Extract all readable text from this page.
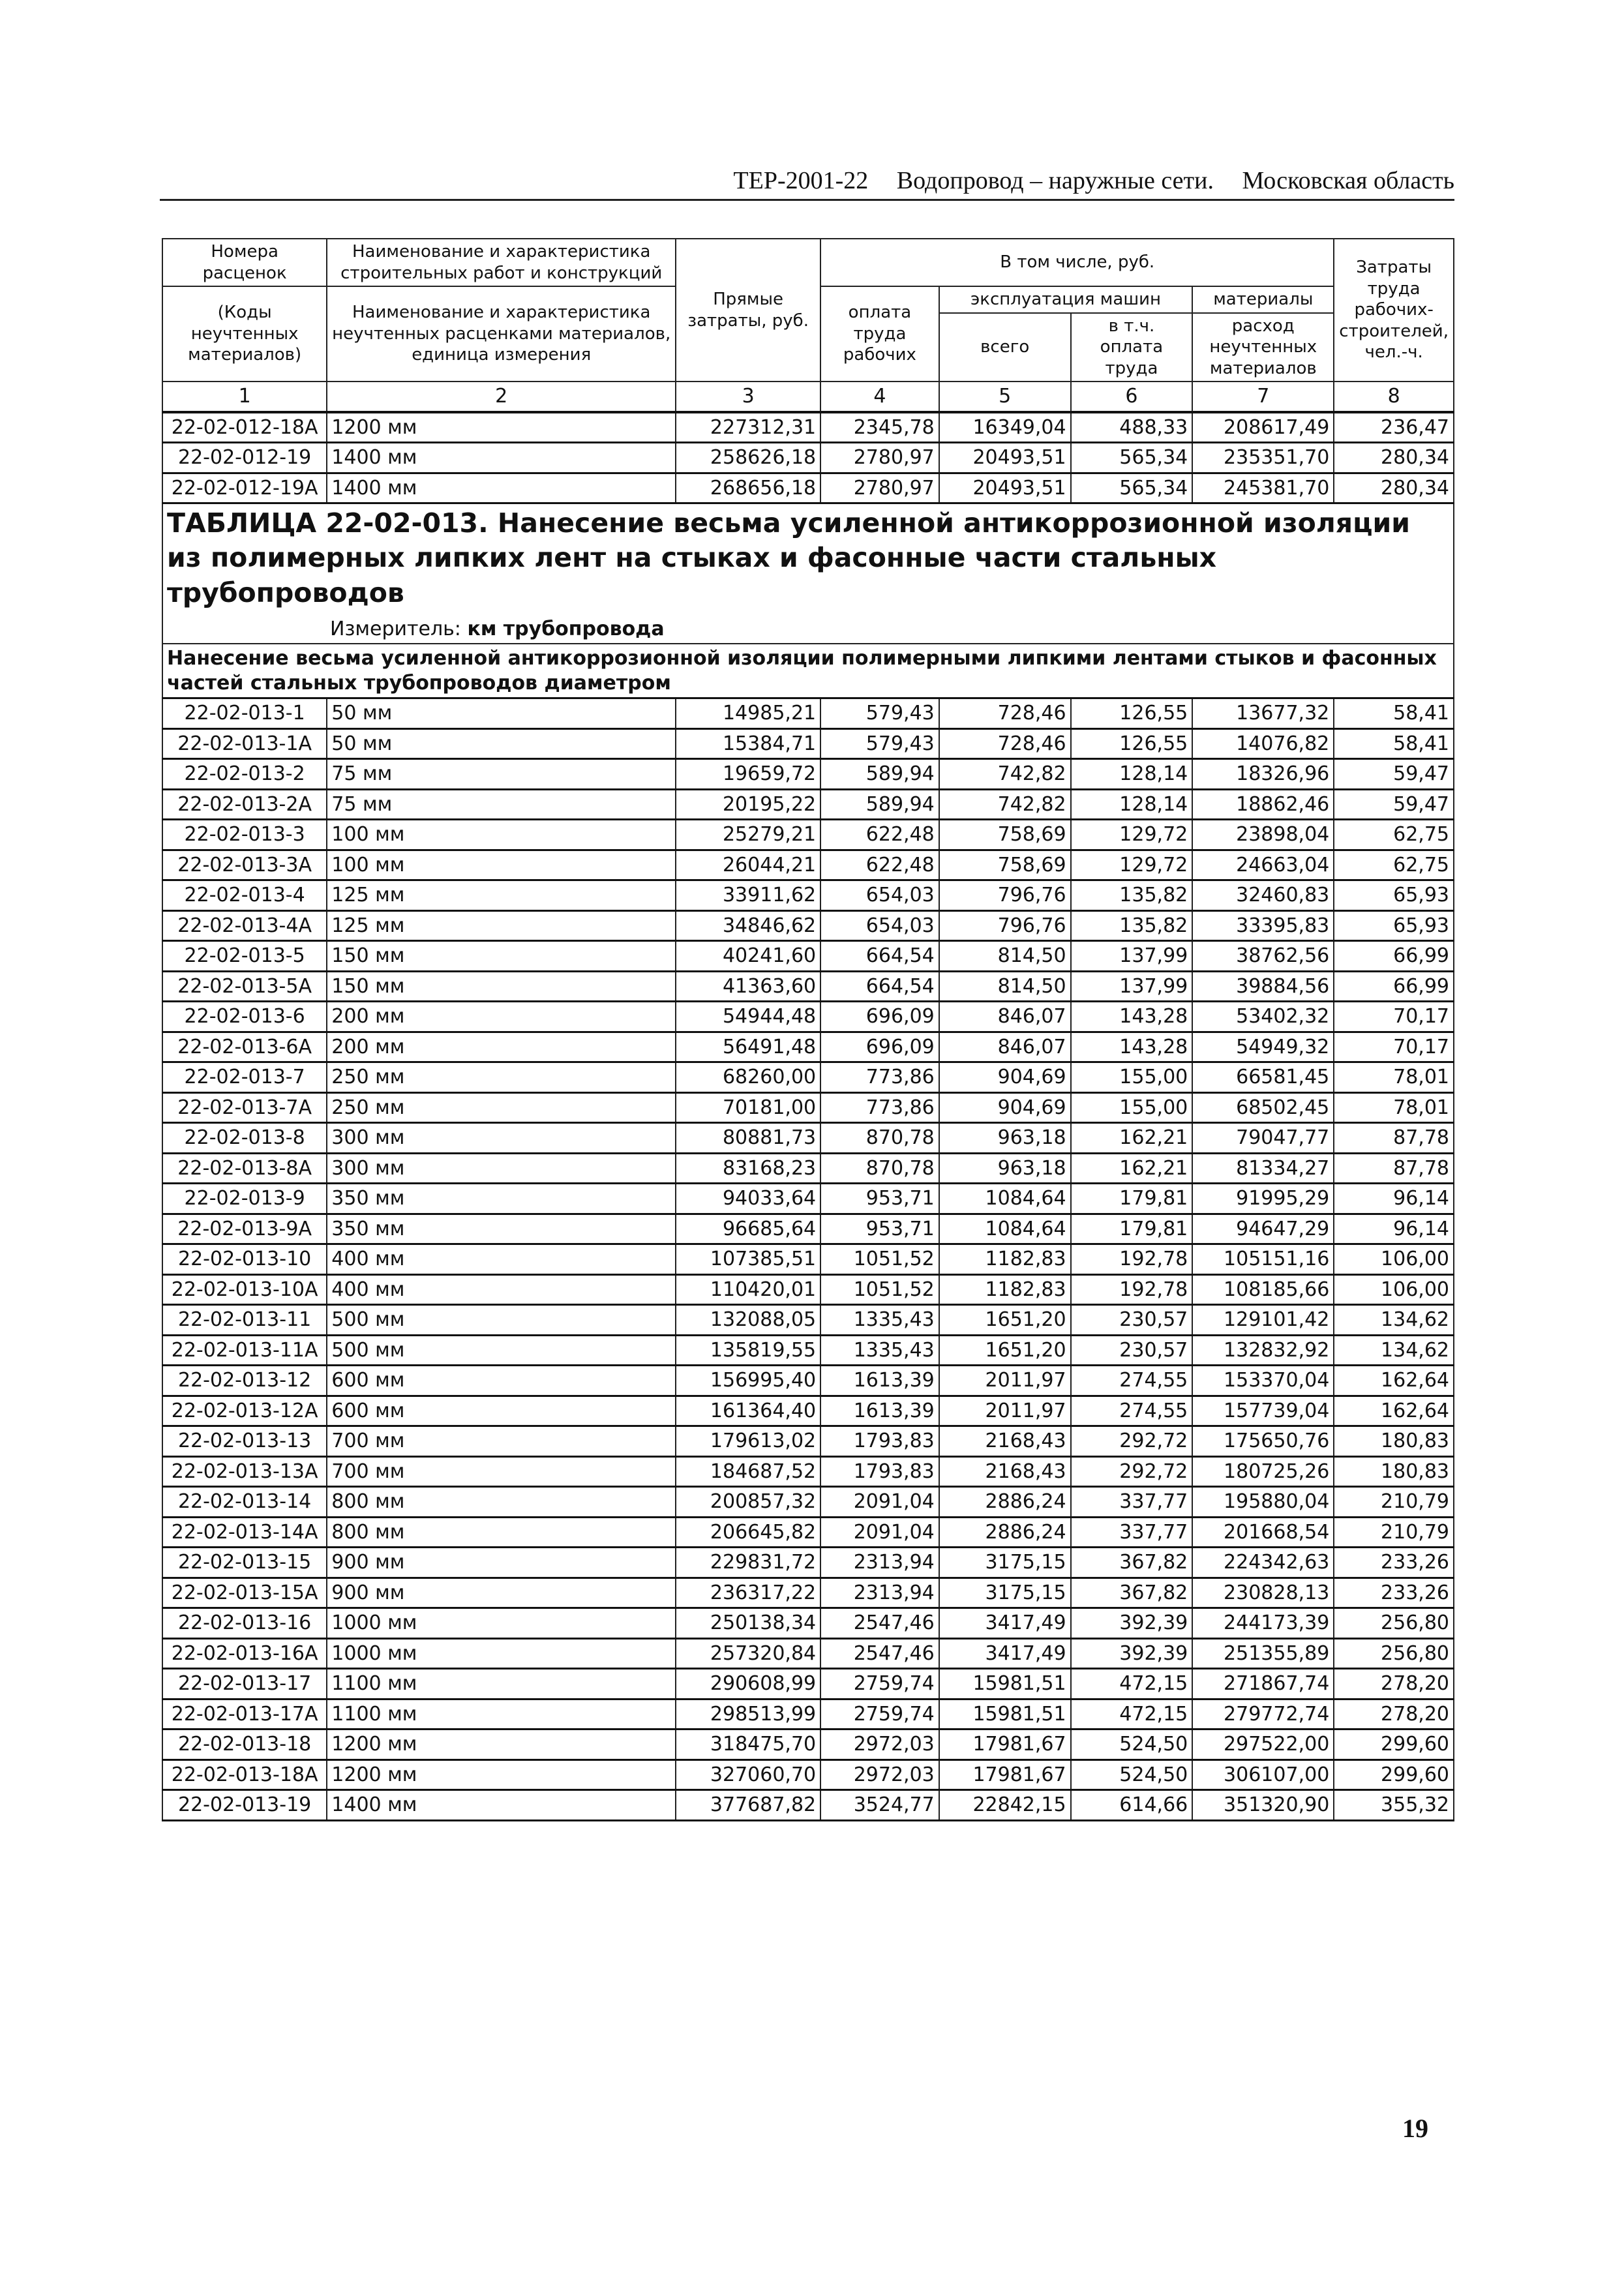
ТЕР-2001-22 Водопровод – наружные сети. Московская область
Номера расценок	Наименование и характеристика строительных работ и конструкций	Прямые затраты, руб.	В том числе, руб.				Затраты труда рабочих-строителей, чел.-ч.
(Коды неучтенных материалов)	Наименование и характеристика неучтенных расценками материалов, единица измерения		оплата труда рабочих	эксплуатация машин		материалы	
				всего	в т.ч. оплата труда	расход неучтенных материалов	
1	2	3	4	5	6	7	8
22-02-012-18А	1200 мм	227312,31	2345,78	16349,04	488,33	208617,49	236,47
22-02-012-19	1400 мм	258626,18	2780,97	20493,51	565,34	235351,70	280,34
22-02-012-19А	1400 мм	268656,18	2780,97	20493,51	565,34	245381,70	280,34

ТАБЛИЦА 22-02-013. Нанесение весьма усиленной антикоррозионной изоляции из полимерных липких лент на стыках и фасонные части стальных трубопроводов
Измеритель: км трубопровода							

Нанесение весьма усиленной антикоррозионной изоляции полимерными липкими лентами стыков и фасонных частей стальных трубопроводов диаметром							
22-02-013-1	50 мм	14985,21	579,43	728,46	126,55	13677,32	58,41
22-02-013-1А	50 мм	15384,71	579,43	728,46	126,55	14076,82	58,41
22-02-013-2	75 мм	19659,72	589,94	742,82	128,14	18326,96	59,47
22-02-013-2А	75 мм	20195,22	589,94	742,82	128,14	18862,46	59,47
22-02-013-3	100 мм	25279,21	622,48	758,69	129,72	23898,04	62,75
22-02-013-3А	100 мм	26044,21	622,48	758,69	129,72	24663,04	62,75
22-02-013-4	125 мм	33911,62	654,03	796,76	135,82	32460,83	65,93
22-02-013-4А	125 мм	34846,62	654,03	796,76	135,82	33395,83	65,93
22-02-013-5	150 мм	40241,60	664,54	814,50	137,99	38762,56	66,99
22-02-013-5А	150 мм	41363,60	664,54	814,50	137,99	39884,56	66,99
22-02-013-6	200 мм	54944,48	696,09	846,07	143,28	53402,32	70,17
22-02-013-6А	200 мм	56491,48	696,09	846,07	143,28	54949,32	70,17
22-02-013-7	250 мм	68260,00	773,86	904,69	155,00	66581,45	78,01
22-02-013-7А	250 мм	70181,00	773,86	904,69	155,00	68502,45	78,01
22-02-013-8	300 мм	80881,73	870,78	963,18	162,21	79047,77	87,78
22-02-013-8А	300 мм	83168,23	870,78	963,18	162,21	81334,27	87,78
22-02-013-9	350 мм	94033,64	953,71	1084,64	179,81	91995,29	96,14
22-02-013-9А	350 мм	96685,64	953,71	1084,64	179,81	94647,29	96,14
22-02-013-10	400 мм	107385,51	1051,52	1182,83	192,78	105151,16	106,00
22-02-013-10А	400 мм	110420,01	1051,52	1182,83	192,78	108185,66	106,00
22-02-013-11	500 мм	132088,05	1335,43	1651,20	230,57	129101,42	134,62
22-02-013-11А	500 мм	135819,55	1335,43	1651,20	230,57	132832,92	134,62
22-02-013-12	600 мм	156995,40	1613,39	2011,97	274,55	153370,04	162,64
22-02-013-12А	600 мм	161364,40	1613,39	2011,97	274,55	157739,04	162,64
22-02-013-13	700 мм	179613,02	1793,83	2168,43	292,72	175650,76	180,83
22-02-013-13А	700 мм	184687,52	1793,83	2168,43	292,72	180725,26	180,83
22-02-013-14	800 мм	200857,32	2091,04	2886,24	337,77	195880,04	210,79
22-02-013-14А	800 мм	206645,82	2091,04	2886,24	337,77	201668,54	210,79
22-02-013-15	900 мм	229831,72	2313,94	3175,15	367,82	224342,63	233,26
22-02-013-15А	900 мм	236317,22	2313,94	3175,15	367,82	230828,13	233,26
22-02-013-16	1000 мм	250138,34	2547,46	3417,49	392,39	244173,39	256,80
22-02-013-16А	1000 мм	257320,84	2547,46	3417,49	392,39	251355,89	256,80
22-02-013-17	1100 мм	290608,99	2759,74	15981,51	472,15	271867,74	278,20
22-02-013-17А	1100 мм	298513,99	2759,74	15981,51	472,15	279772,74	278,20
22-02-013-18	1200 мм	318475,70	2972,03	17981,67	524,50	297522,00	299,60
22-02-013-18А	1200 мм	327060,70	2972,03	17981,67	524,50	306107,00	299,60
22-02-013-19	1400 мм	377687,82	3524,77	22842,15	614,66	351320,90	355,32
19
